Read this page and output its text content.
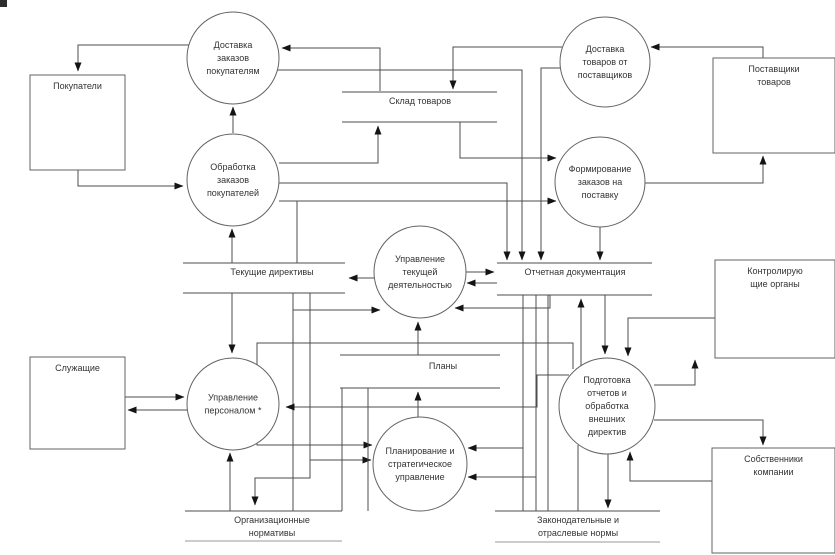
Склад товаров
Текущие директивы	Отчетная документация
Планы
Организационные
нормативы
Законодательные и
отраслевые нормы
Покупатели
Поставщики
товаров
Контролирую
щие органы
Служащие
Собственники
компании
Доставка
заказов
покупателям
Доставка
товаров от
поставщиков
Обработка
заказов
покупателей
Формирование
заказов на
поставку
Управление
текущей
деятельностью
Управление
персоналом *
Планирование и
стратегическое
управление
Подготовка
отчетов и
обработка
внешних
директив
